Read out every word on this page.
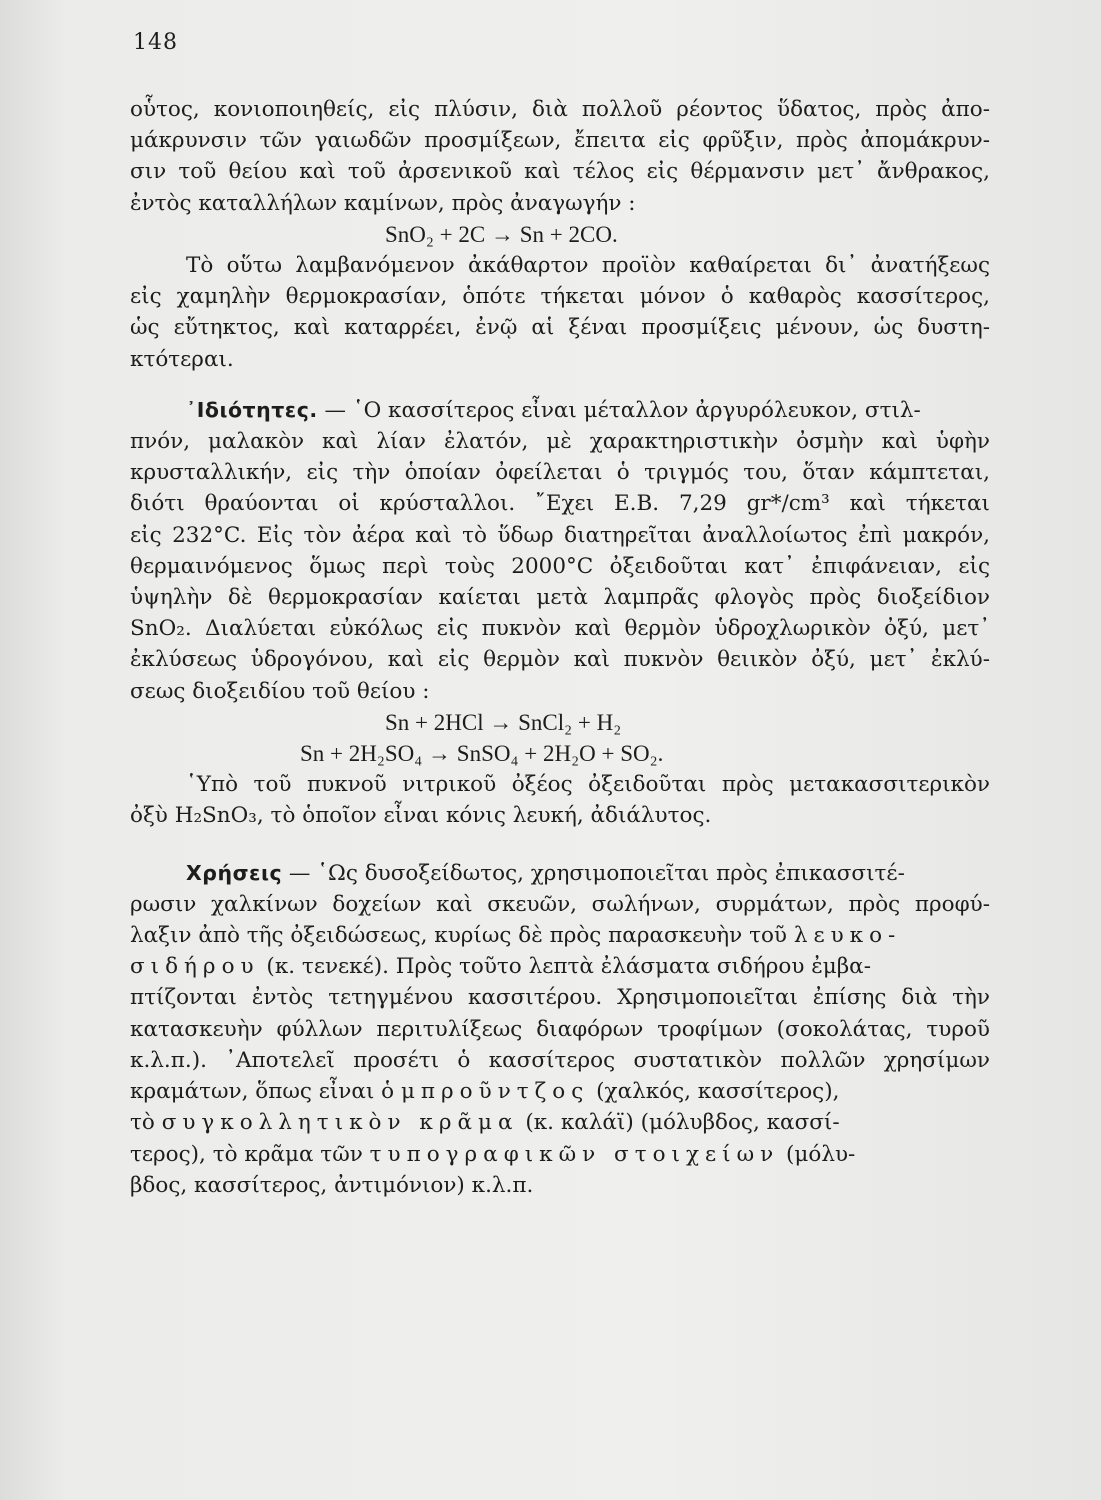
148
οὗτος, κονιοποιηθείς, εἰς πλύσιν, διὰ πολλοῦ ρέοντος ὕδατος, πρὸς ἀπο-
μάκρυνσιν τῶν γαιωδῶν προσμίξεων, ἔπειτα εἰς φρῦξιν, πρὸς ἀπομάκρυν-
σιν τοῦ θείου καὶ τοῦ ἀρσενικοῦ καὶ τέλος εἰς θέρμανσιν μετ᾽ ἄνθρακος,
ἐντὸς καταλλήλων καμίνων, πρὸς ἀναγωγήν :
SnO₂ + 2C → Sn + 2CO.
Τὸ οὕτω λαμβανόμενον ἀκάθαρτον προϊὸν καθαίρεται δι᾽ ἀνατήξεως
εἰς χαμηλὴν θερμοκρασίαν, ὁπότε τήκεται μόνον ὁ καθαρὸς κασσίτερος,
ὡς εὔτηκτος, καὶ καταρρέει, ἐνῷ αἱ ξέναι προσμίξεις μένουν, ὡς δυστη-
κτότεραι.
᾽Ιδιότητες. — ῾Ο κασσίτερος εἶναι μέταλλον ἀργυρόλευκον, στιλ-
πνόν, μαλακὸν καὶ λίαν ἐλατόν, μὲ χαρακτηριστικὴν ὀσμὴν καὶ ὑφὴν
κρυσταλλικήν, εἰς τὴν ὁποίαν ὀφείλεται ὁ τριγμός του, ὅταν κάμπτεται,
διότι θραύονται οἱ κρύσταλλοι. ῎Εχει Ε.Β. 7,29 gr*/cm³ καὶ τήκεται
εἰς 232°C. Εἰς τὸν ἀέρα καὶ τὸ ὕδωρ διατηρεῖται ἀναλλοίωτος ἐπὶ μακρόν,
θερμαινόμενος ὅμως περὶ τοὺς 2000°C ὀξειδοῦται κατ᾽ ἐπιφάνειαν, εἰς
ὑψηλὴν δὲ θερμοκρασίαν καίεται μετὰ λαμπρᾶς φλογὸς πρὸς διοξείδιον
SnO₂. Διαλύεται εὐκόλως εἰς πυκνὸν καὶ θερμὸν ὑδροχλωρικὸν ὀξύ, μετ᾽
ἐκλύσεως ὑδρογόνου, καὶ εἰς θερμὸν καὶ πυκνὸν θειικὸν ὀξύ, μετ᾽ ἐκλύ-
σεως διοξειδίου τοῦ θείου :
Sn + 2HCl → SnCl₂ + H₂
Sn + 2H₂SO₄ → SnSO₄ + 2H₂O + SO₂.
῾Υπὸ τοῦ πυκνοῦ νιτρικοῦ ὀξέος ὀξειδοῦται πρὸς μετακασσιτερικὸν
ὀξὺ H₂SnO₃, τὸ ὁποῖον εἶναι κόνις λευκή, ἀδιάλυτος.
Χρήσεις — ῾Ως δυσοξείδωτος, χρησιμοποιεῖται πρὸς ἐπικασσιτέ-
ρωσιν χαλκίνων δοχείων καὶ σκευῶν, σωλήνων, συρμάτων, πρὸς προφύ-
λαξιν ἀπὸ τῆς ὀξειδώσεως, κυρίως δὲ πρὸς παρασκευὴν τοῦ λευκο-
σιδήρου (κ. τενεκέ). Πρὸς τοῦτο λεπτὰ ἐλάσματα σιδήρου ἐμβα-
πτίζονται ἐντὸς τετηγμένου κασσιτέρου. Χρησιμοποιεῖται ἐπίσης διὰ τὴν
κατασκευὴν φύλλων περιτυλίξεως διαφόρων τροφίμων (σοκολάτας, τυροῦ
κ.λ.π.). ᾽Αποτελεῖ προσέτι ὁ κασσίτερος συστατικὸν πολλῶν χρησίμων
κραμάτων, ὅπως εἶναι ὁ μπροῦντζος (χαλκός, κασσίτερος),
τὸ συγκολλητικὸν κρᾶμα (κ. καλάϊ) (μόλυβδος, κασσί-
τερος), τὸ κρᾶμα τῶν τυπογραφικῶν στοιχείων (μόλυ-
βδος, κασσίτερος, ἀντιμόνιον) κ.λ.π.
